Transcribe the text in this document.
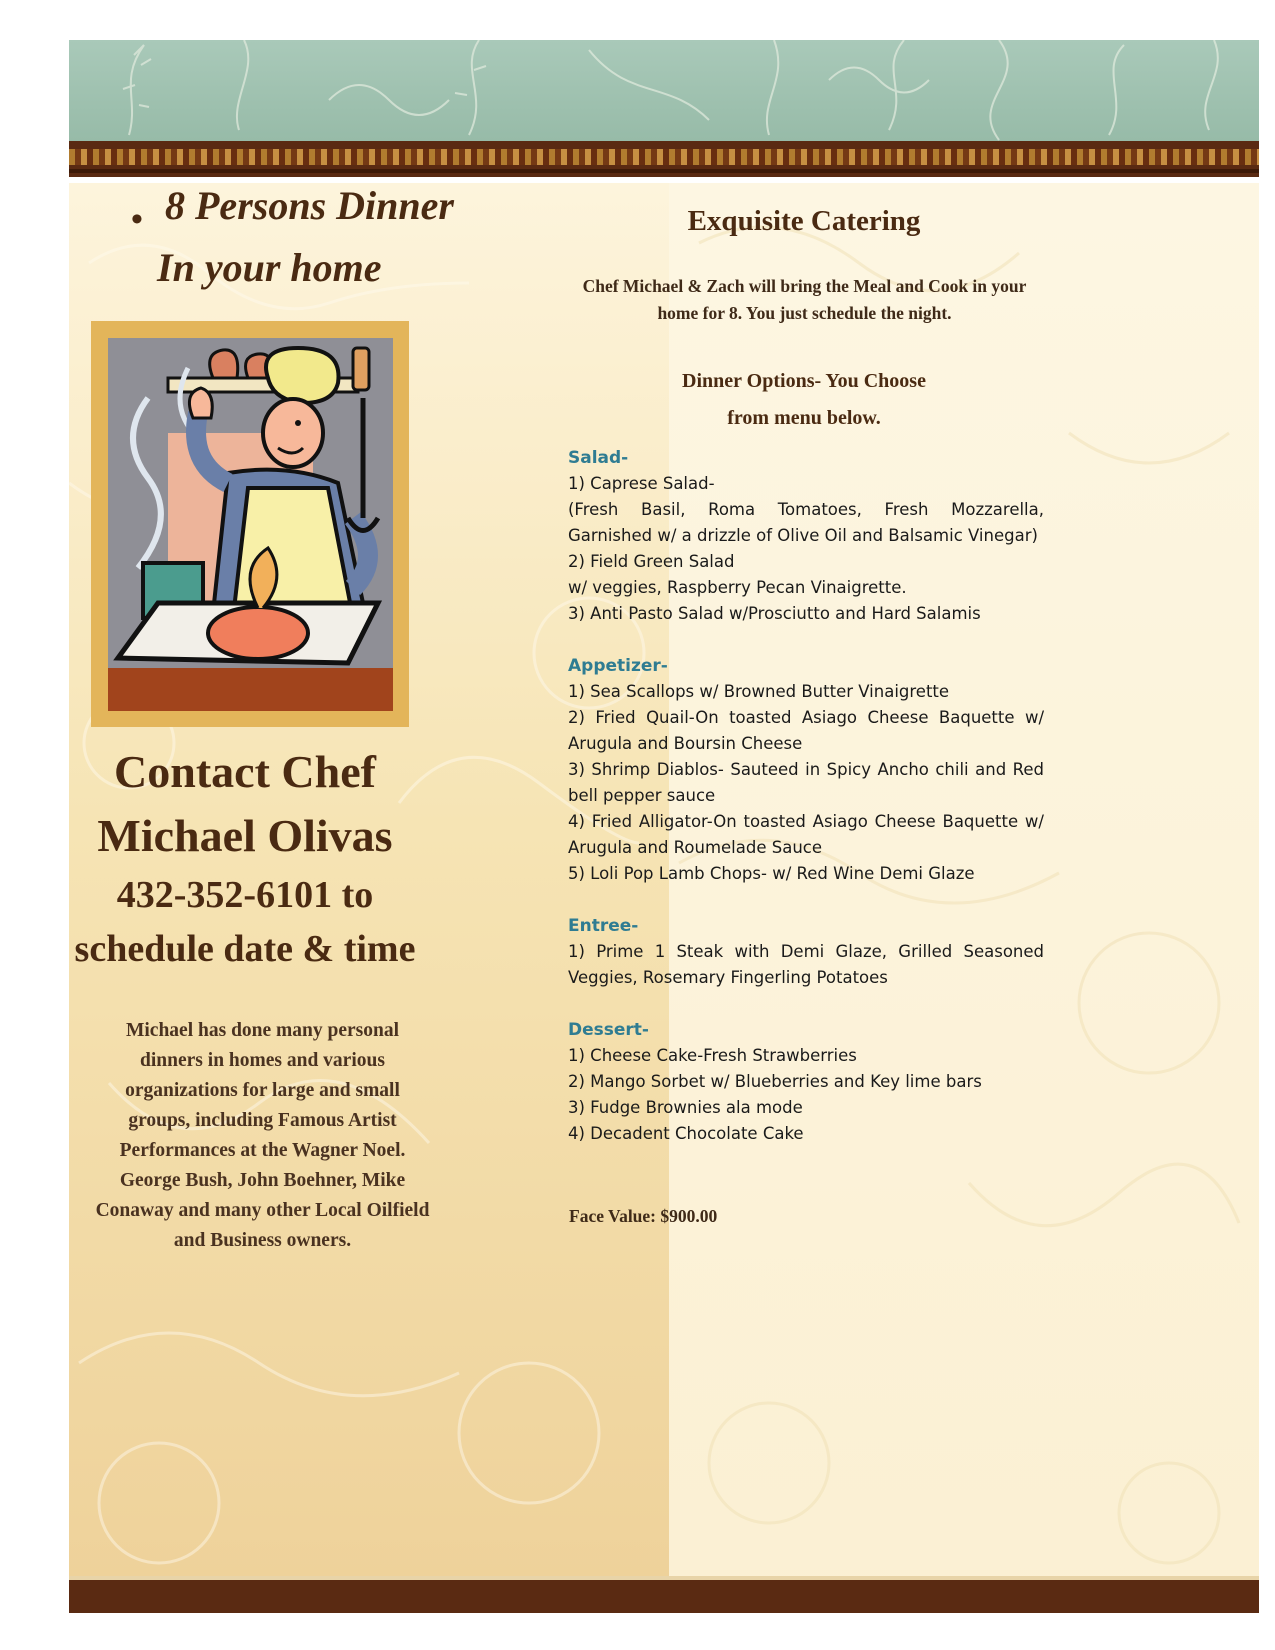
• 8 Persons Dinner
In your home
Contact Chef
Michael Olivas
432-352-6101 to
schedule date & time
Michael has done many personal dinners in homes and various organizations for large and small groups, including Famous Artist Performances at the Wagner Noel. George Bush, John Boehner, Mike Conaway and many other Local Oilfield and Business owners.
Exquisite Catering
Chef Michael & Zach will bring the Meal and Cook in your home for 8. You just schedule the night.
Dinner Options- You Choose
from menu below.
Salad-
1) Caprese Salad-
(Fresh Basil, Roma Tomatoes, Fresh Mozzarella, Garnished w/ a drizzle of Olive Oil and Balsamic Vinegar)
2) Field Green Salad
w/ veggies, Raspberry Pecan Vinaigrette.
3) Anti Pasto Salad w/Prosciutto and Hard Salamis
Appetizer-
1) Sea Scallops w/ Browned Butter Vinaigrette
2) Fried Quail-On toasted Asiago Cheese Baquette w/ Arugula and Boursin Cheese
3) Shrimp Diablos- Sauteed in Spicy Ancho chili and Red bell pepper sauce
4) Fried Alligator-On toasted Asiago Cheese Baquette w/ Arugula and Roumelade Sauce
5) Loli Pop Lamb Chops- w/ Red Wine Demi Glaze
Entree-
1) Prime 1 Steak with Demi Glaze, Grilled Seasoned Veggies, Rosemary Fingerling Potatoes
Dessert-
1) Cheese Cake-Fresh Strawberries
2) Mango Sorbet w/ Blueberries and Key lime bars
3) Fudge Brownies ala mode
4) Decadent Chocolate Cake
Face Value: $900.00
